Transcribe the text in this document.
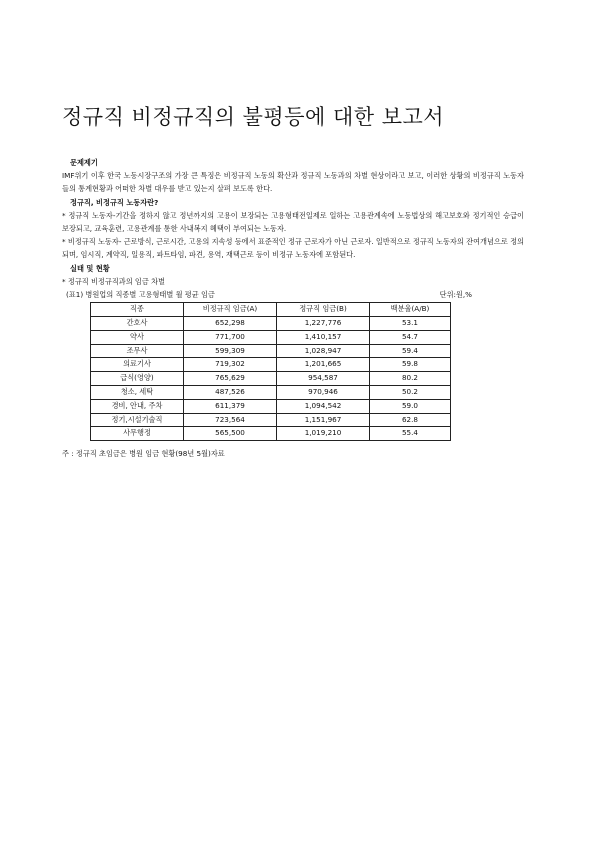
정규직 비정규직의 불평등에 대한 보고서

문제제기

IMF위기 이후 한국 노동시장구조의 가장 큰 특징은 비정규직 노동의 확산과 정규직 노동과의 차별 현상이라고 보고, 이러한 상황의 비정규직 노동자들의 통계현황과 어떠한 차별 대우를 받고 있는지 살펴 보도록 한다.

정규직, 비정규직 노동자란?

* 정규직 노동자-기간을 정하지 않고 정년까지의 고용이 보장되는 고용형태전일제로 일하는 고용관계속에 노동법상의 해고보호와 정기적인 승급이 보장되고, 교육훈련, 고용관계를 통한 사내복지 혜택이 부여되는 노동자.

* 비정규직 노동자- 근로방식, 근로시간, 고용의 지속성 등에서 표준적인 정규 근로자가 아닌 근로자. 일반적으로 정규직 노동자의 잔여개념으로 정의되며, 임시직, 계약직, 일용직, 파트타임, 파견, 용역, 재택근로 등이 비정규 노동자에 포함된다.

실태 및 현황

* 정규직 비정규직과의 임금 차별

(표1) 병원업의 직종별 고용형태별 월 평균 임금	단위:원,%

직종	비정규직 임금(A)	정규직 임금(B)	백분율(A/B)
간호사	652,298	1,227,776	53.1
약사	771,700	1,410,157	54.7
조무사	599,309	1,028,947	59.4
의료기사	719,302	1,201,665	59.8
급식(영양)	765,629	954,587	80.2
청소, 세탁	487,526	970,946	50.2
경비, 안내, 주차	611,379	1,094,542	59.0
정기,시설기술직	723,564	1,151,967	62.8
사무행정	565,500	1,019,210	55.4

주 : 정규직 초임금은 병원 임금 현황(98년 5월)자료
